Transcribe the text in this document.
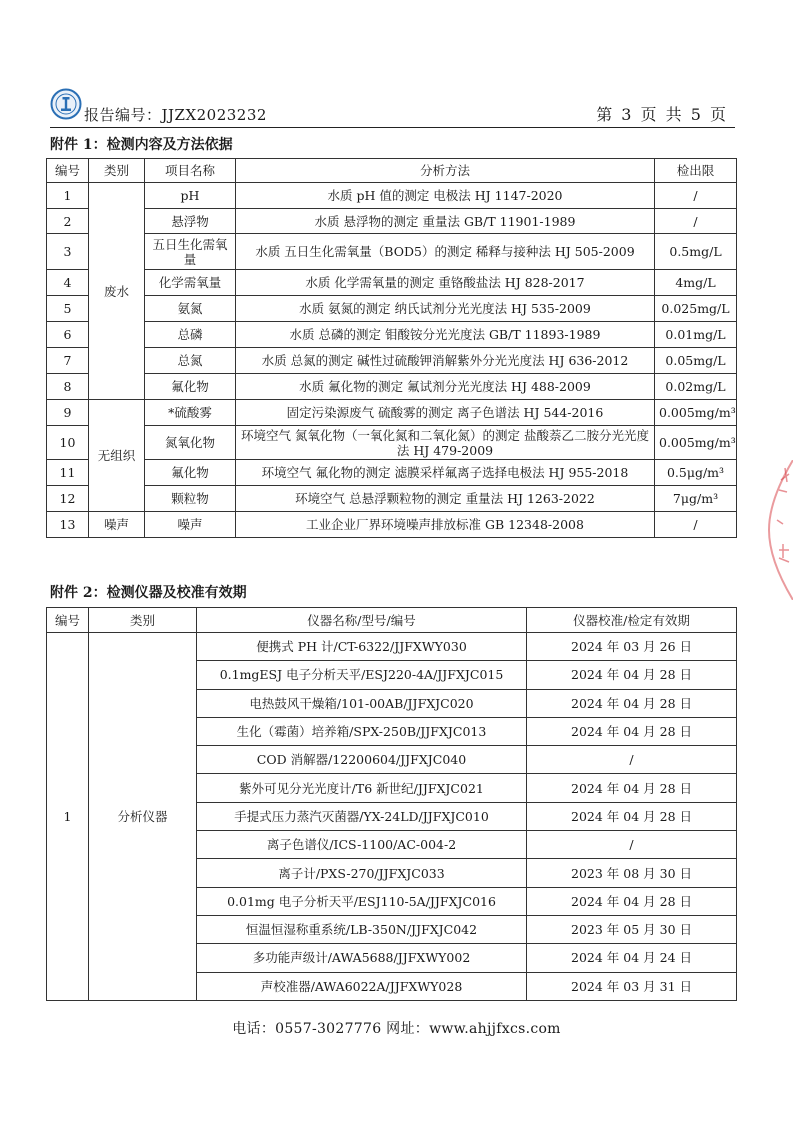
报告编号：JJZX2023232	第 3 页 共 5 页
附件 1：检测内容及方法依据
编号	类别	项目名称	分析方法	检出限
1	废水	pH	水质 pH 值的测定 电极法 HJ 1147-2020	/
2		悬浮物	水质 悬浮物的测定 重量法 GB/T 11901-1989	/
3		五日生化需氧量	水质 五日生化需氧量（BOD5）的测定 稀释与接种法 HJ 505-2009	0.5mg/L
4		化学需氧量	水质 化学需氧量的测定 重铬酸盐法 HJ 828-2017	4mg/L
5		氨氮	水质 氨氮的测定 纳氏试剂分光光度法 HJ 535-2009	0.025mg/L
6		总磷	水质 总磷的测定 钼酸铵分光光度法 GB/T 11893-1989	0.01mg/L
7		总氮	水质 总氮的测定 碱性过硫酸钾消解紫外分光光度法 HJ 636-2012	0.05mg/L
8		氟化物	水质 氟化物的测定 氟试剂分光光度法 HJ 488-2009	0.02mg/L
9	无组织	*硫酸雾	固定污染源废气 硫酸雾的测定 离子色谱法 HJ 544-2016	0.005mg/m³
10		氮氧化物	环境空气 氮氧化物（一氧化氮和二氧化氮）的测定 盐酸萘乙二胺分光光度法 HJ 479-2009	0.005mg/m³
11		氟化物	环境空气 氟化物的测定 滤膜采样氟离子选择电极法 HJ 955-2018	0.5μg/m³
12		颗粒物	环境空气 总悬浮颗粒物的测定 重量法 HJ 1263-2022	7μg/m³
13	噪声	噪声	工业企业厂界环境噪声排放标准 GB 12348-2008	/
附件 2：检测仪器及校准有效期
编号	类别	仪器名称/型号/编号	仪器校准/检定有效期
1	分析仪器	便携式 PH 计/CT-6322/JJFXWY030	2024 年 03 月 26 日
		0.1mgESJ 电子分析天平/ESJ220-4A/JJFXJC015	2024 年 04 月 28 日
		电热鼓风干燥箱/101-00AB/JJFXJC020	2024 年 04 月 28 日
		生化（霉菌）培养箱/SPX-250B/JJFXJC013	2024 年 04 月 28 日
		COD 消解器/12200604/JJFXJC040	/
		紫外可见分光光度计/T6 新世纪/JJFXJC021	2024 年 04 月 28 日
		手提式压力蒸汽灭菌器/YX-24LD/JJFXJC010	2024 年 04 月 28 日
		离子色谱仪/ICS-1100/AC-004-2	/
		离子计/PXS-270/JJFXJC033	2023 年 08 月 30 日
		0.01mg 电子分析天平/ESJ110-5A/JJFXJC016	2024 年 04 月 28 日
		恒温恒湿称重系统/LB-350N/JJFXJC042	2023 年 05 月 30 日
		多功能声级计/AWA5688/JJFXWY002	2024 年 04 月 24 日
		声校准器/AWA6022A/JJFXWY028	2024 年 03 月 31 日
电话：0557-3027776 网址：www.ahjjfxcs.com
